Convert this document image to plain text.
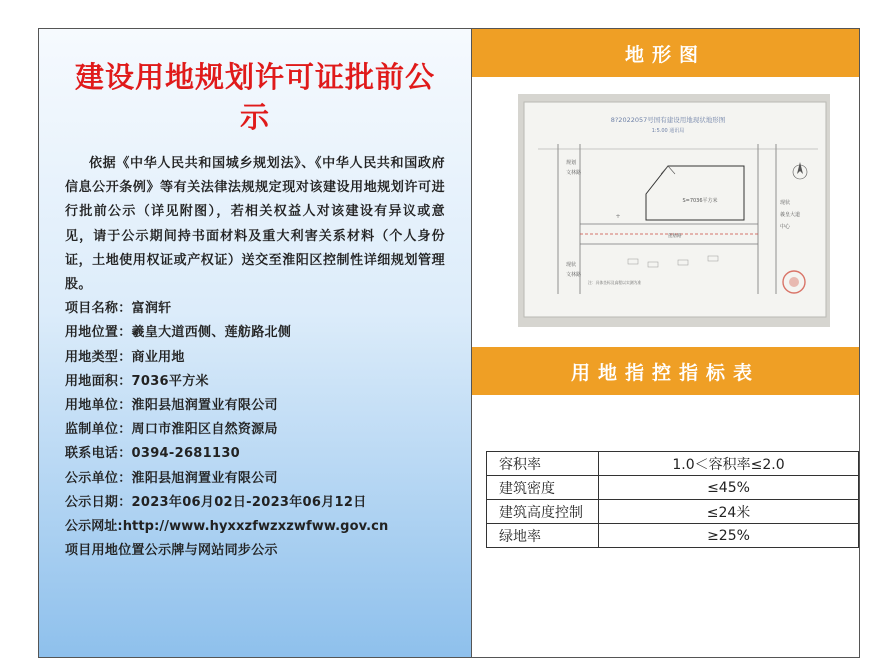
建设用地规划许可证批前公示

依据《中华人民共和国城乡规划法》、《中华人民共和国政府信息公开条例》等有关法律法规规定现对该建设用地规划许可进行批前公示（详见附图），若相关权益人对该建设有异议或意见，请于公示期间持书面材料及重大利害关系材料（个人身份证，土地使用权证或产权证）送交至淮阳区控制性详细规划管理股。

项目名称：富润轩
用地位置：羲皇大道西侧、莲舫路北侧
用地类型：商业用地
用地面积：7036平方米
用地单位：淮阳县旭润置业有限公司
监制单位：周口市淮阳区自然资源局
联系电话：0394-2681130
公示单位：淮阳县旭润置业有限公司
公示日期：2023年06月02日-2023年06月12日
公示网址:http://www.hyxxzfwzxzwfww.gov.cn
项目用地位置公示牌与网站同步公示
地形图
8?2022057号国有建设用地现状地形图
1:5.00 通讯局
S=7036平方米
+
规划
文林路
现状
文林路
莲舫路
现状
羲皇大道
中心
注：具体坐标及高程以实测为准
用地指控指标表
容积率	1.0＜容积率≤2.0
建筑密度	≤45%
建筑高度控制	≤24米
绿地率	≥25%
